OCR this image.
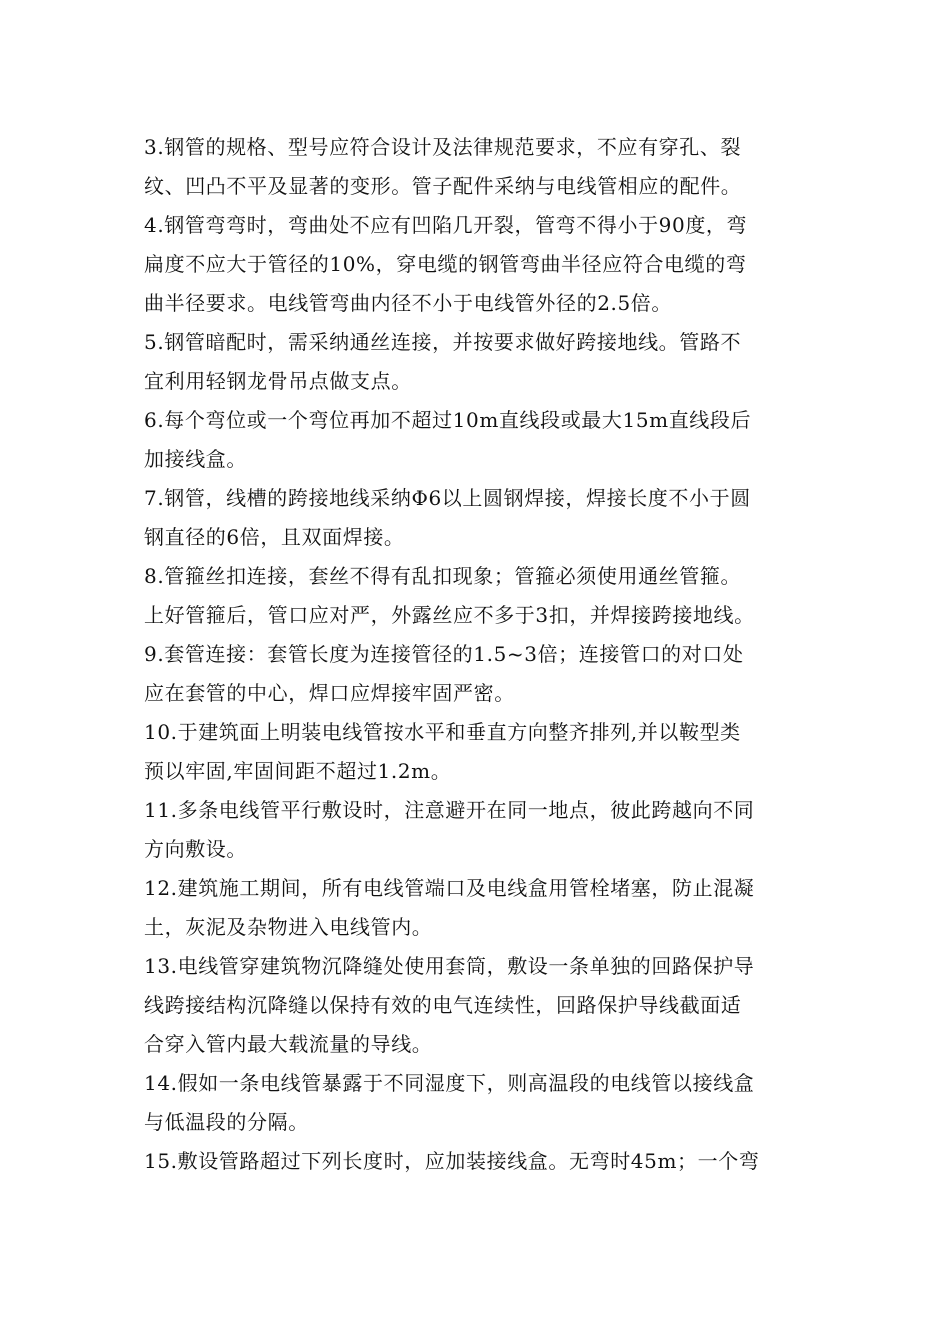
3.钢管的规格、型号应符合设计及法律规范要求，不应有穿孔、裂
纹、凹凸不平及显著的变形。管子配件采纳与电线管相应的配件。
4.钢管弯弯时，弯曲处不应有凹陷几开裂，管弯不得小于90度，弯
扁度不应大于管径的10%，穿电缆的钢管弯曲半径应符合电缆的弯
曲半径要求。电线管弯曲内径不小于电线管外径的2.5倍。
5.钢管暗配时，需采纳通丝连接，并按要求做好跨接地线。管路不
宜利用轻钢龙骨吊点做支点。
6.每个弯位或一个弯位再加不超过10m直线段或最大15m直线段后
加接线盒。
7.钢管，线槽的跨接地线采纳Φ6以上圆钢焊接，焊接长度不小于圆
钢直径的6倍，且双面焊接。
8.管箍丝扣连接，套丝不得有乱扣现象；管箍必须使用通丝管箍。
上好管箍后，管口应对严，外露丝应不多于3扣，并焊接跨接地线。
9.套管连接：套管长度为连接管径的1.5~3倍；连接管口的对口处
应在套管的中心，焊口应焊接牢固严密。
10.于建筑面上明装电线管按水平和垂直方向整齐排列,并以鞍型类
预以牢固,牢固间距不超过1.2m。
11.多条电线管平行敷设时，注意避开在同一地点，彼此跨越向不同
方向敷设。
12.建筑施工期间，所有电线管端口及电线盒用管栓堵塞，防止混凝
土，灰泥及杂物进入电线管内。
13.电线管穿建筑物沉降缝处使用套筒，敷设一条单独的回路保护导
线跨接结构沉降缝以保持有效的电气连续性，回路保护导线截面适
合穿入管内最大载流量的导线。
14.假如一条电线管暴露于不同湿度下，则高温段的电线管以接线盒
与低温段的分隔。
15.敷设管路超过下列长度时，应加装接线盒。无弯时45m；一个弯
